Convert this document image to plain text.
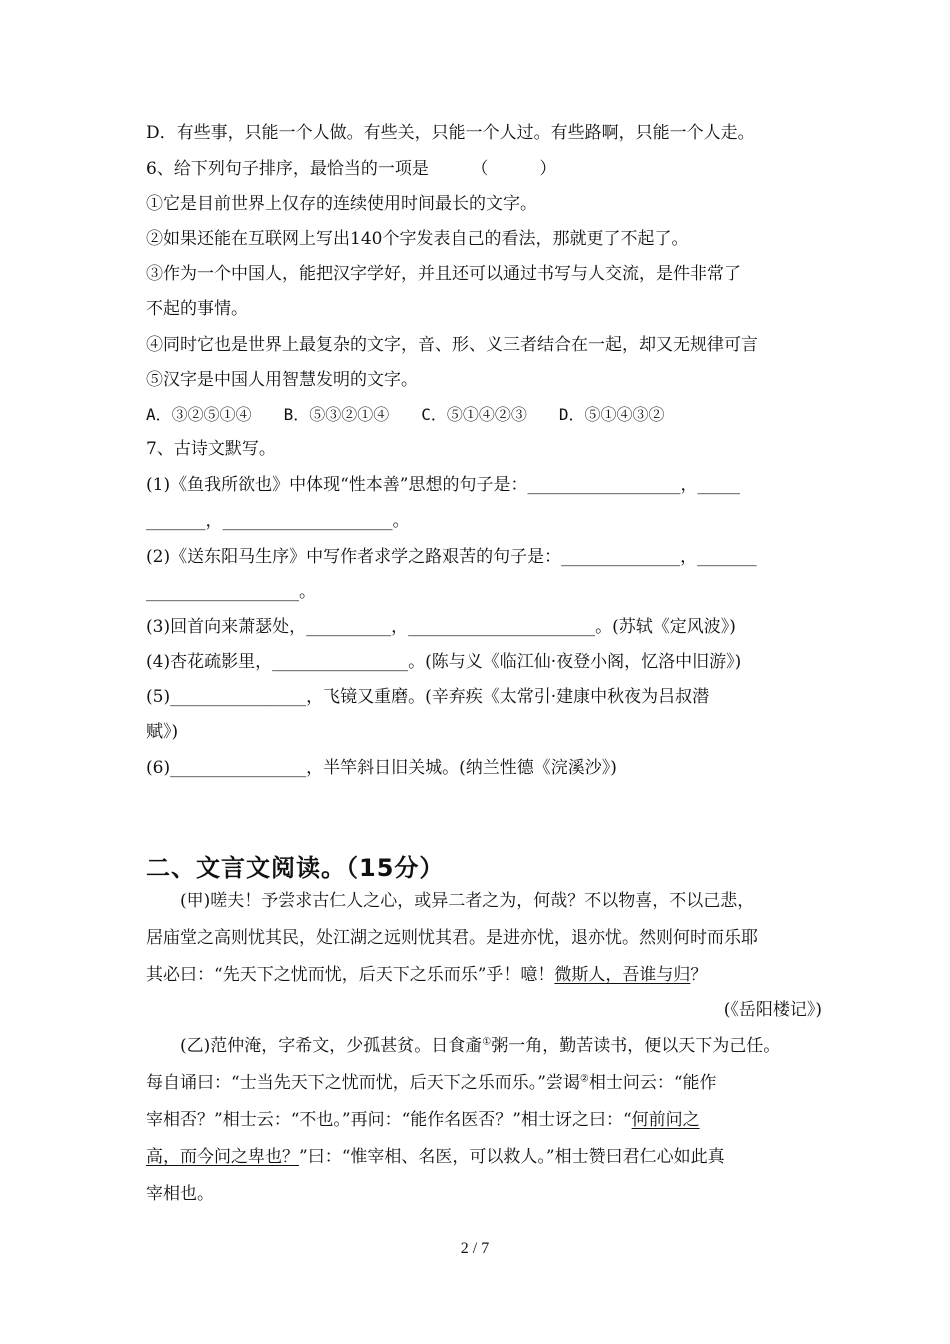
D．有些事，只能一个人做。有些关，只能一个人过。有些路啊，只能一个人走。
6、给下列句子排序，最恰当的一项是　　　（　　　）
①它是目前世界上仅存的连续使用时间最长的文字。
②如果还能在互联网上写出140个字发表自己的看法，那就更了不起了。
③作为一个中国人，能把汉字学好，并且还可以通过书写与人交流，是件非常了
不起的事情。
④同时它也是世界上最复杂的文字，音、形、义三者结合在一起，却又无规律可言
⑤汉字是中国人用智慧发明的文字。
A．③②⑤①④　　B．⑤③②①④　　C．⑤①④②③　　D．⑤①④③②
7、古诗文默写。
(1)《鱼我所欲也》中体现“性本善”思想的句子是：__________________，_____
_______，____________________。
(2)《送东阳马生序》中写作者求学之路艰苦的句子是：______________，_______
__________________。
(3)回首向来萧瑟处，__________，______________________。(苏轼《定风波》)
(4)杏花疏影里，________________。(陈与义《临江仙·夜登小阁，忆洛中旧游》)
(5)________________，飞镜又重磨。(辛弃疾《太常引·建康中秋夜为吕叔潜
赋》)
(6)________________，半竿斜日旧关城。(纳兰性德《浣溪沙》)
二、文言文阅读。（15分）
(甲)嗟夫！予尝求古仁人之心，或异二者之为，何哉？不以物喜，不以己悲，
居庙堂之高则忧其民，处江湖之远则忧其君。是进亦忧，退亦忧。然则何时而乐耶
其必曰：“先天下之忧而忧，后天下之乐而乐”乎！噫！微斯人，吾谁与归？
(《岳阳楼记》)
(乙)范仲淹，字希文，少孤甚贫。日食齑①粥一角，勤苦读书，便以天下为己任。
每自诵曰：“士当先天下之忧而忧，后天下之乐而乐。”尝谒②相士问云：“能作
宰相否？”相士云：“不也。”再问：“能作名医否？”相士讶之曰：“何前问之
高，而今问之卑也？”曰：“惟宰相、名医，可以救人。”相士赞曰君仁心如此真
宰相也。
2 / 7
